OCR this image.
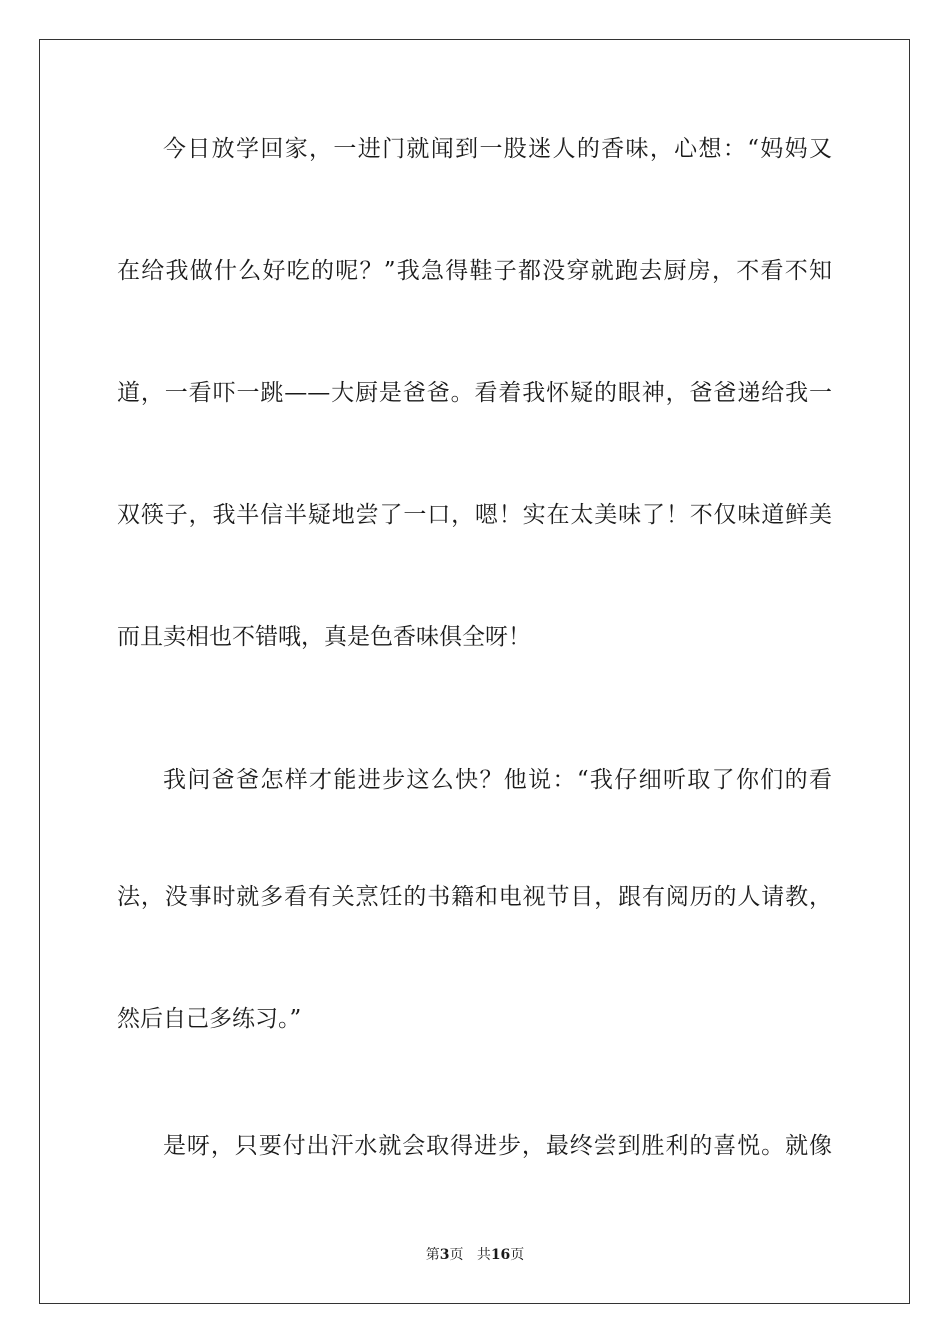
今日放学回家，一进门就闻到一股迷人的香味，心想：“妈妈又

在给我做什么好吃的呢？”我急得鞋子都没穿就跑去厨房，不看不知

道，一看吓一跳——大厨是爸爸。看着我怀疑的眼神，爸爸递给我一

双筷子，我半信半疑地尝了一口，嗯！实在太美味了！不仅味道鲜美

而且卖相也不错哦，真是色香味俱全呀！

我问爸爸怎样才能进步这么快？他说：“我仔细听取了你们的看

法，没事时就多看有关烹饪的书籍和电视节目，跟有阅历的人请教，

然后自己多练习。”

是呀，只要付出汗水就会取得进步，最终尝到胜利的喜悦。就像

第3页 共16页
